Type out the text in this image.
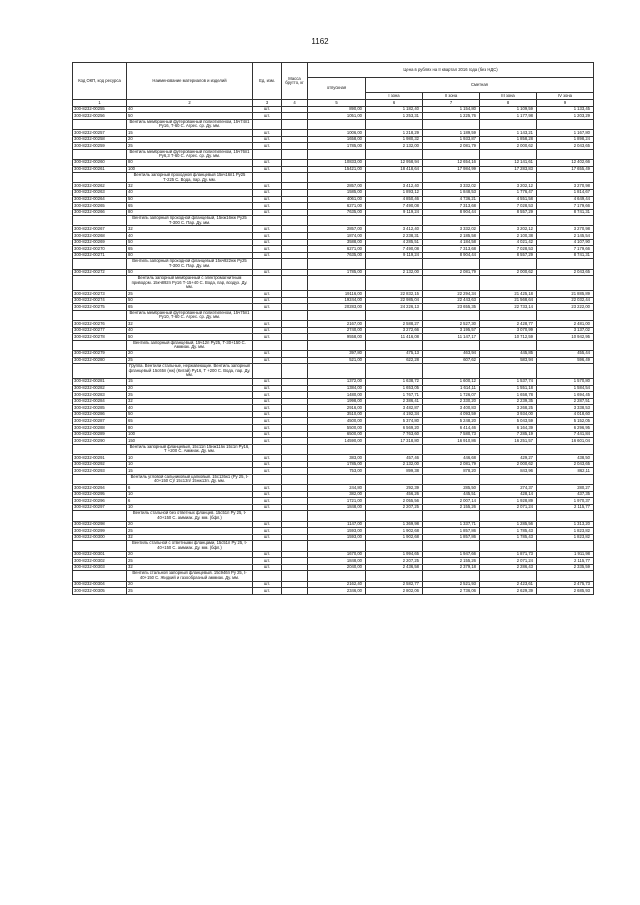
1162
Код ОКП, код ресурса	Наименование материалов и изделий	Ед. изм.	Масса брутто, кг	Цена в рублях на II квартал 2016 года (без НДС)				
				отпускная	Сметная			
					I зона	II зона	III зона	IV зона
1	2	3	4	5	6	7	8	9
300-8232-00255	40	шт.		890,00	1 182,40	1 154,80	1 109,59	1 133,45
300-8232-00256	50	шт.		1051,00	1 253,31	1 225,76	1 177,98	1 203,29
	Вентиль мембранный футерованный полиэтиленом, 15ч74п1 Ру16, Т-60 С. Агрес. ср. Ду. мм.							
300-8232-00257	15	шт.		1006,00	1 218,29	1 189,59	1 143,21	1 167,80
300-8232-00258	20	шт.		1658,00	1 980,32	1 933,87	1 858,28	1 898,24
300-8232-00259	25	шт.		1785,00	2 132,00	2 081,79	2 000,62	2 043,65
	Вентиль мембранный футерованный полиэтиленом, 15ч76п1 Ру6,3 Т-60 С. Агрес. ср. Ду. мм.							
300-8232-00260	80	шт.		10833,00	12 958,94	12 654,16	12 141,61	12 402,66
300-8232-00261	100	шт.		15421,00	18 418,64	17 984,99	17 283,83	17 655,49
	Вентиль запорный проходной фланцевый 15кч16п1 Ру25 Т-225 С. Вода, пар. Ду. мм.							
300-8232-00262	32	шт.		2857,00	3 412,40	3 332,02	3 202,12	3 270,98
300-8232-00263	40	шт.		1585,00	1 893,12	1 848,53	1 776,47	1 814,67
300-8232-00264	50	шт.		4061,00	4 850,46	4 736,21	4 551,58	4 649,44
300-8232-00265	65	шт.		6271,00	7 490,08	7 313,68	7 028,53	7 179,66
300-8232-00266	80	шт.		7635,00	9 119,24	8 904,44	8 557,29	8 741,31
	Вентиль запорный проходной фланцевый, 15нж16нж Ру25 Т-300 С. Пар. Ду. мм.							
300-8232-00267	32	шт.		2857,00	3 412,40	3 332,02	3 202,12	3 270,98
300-8232-00268	40	шт.		1874,00	2 238,31	2 185,58	2 100,38	2 145,54
300-8232-00269	50	шт.		3588,00	4 285,51	4 184,58	4 021,42	4 107,90
300-8232-00270	65	шт.		6271,00	7 490,08	7 313,68	7 028,53	7 179,66
300-8232-00271	80	шт.		7635,00	9 119,24	8 904,44	8 557,29	8 741,31
	Вентиль запорный проходной фланцевый 15кч922нж Ру25 Т-300 С. Пар. Ду. мм.							
300-8232-00272	50	шт.		1785,00	2 132,00	2 081,79	2 000,62	2 043,65
	Вентиль запорный мембранный с электромагнитным приводом. 15кч892п Ру16 Т-15+40 С. Вода, пар, воздух. Ду. мм.							
300-8232-00273	25	шт.		19116,00	22 832,15	22 294,34	21 425,18	21 885,89
300-8232-00274	50	шт.		19244,00	22 985,04	22 443,63	21 568,64	22 032,44
300-8232-00275	65	шт.		20283,00	24 226,13	23 655,35	22 733,14	23 222,00
	Вентиль мембранный футерованный полиэтиленом, 15ч75п1 Ру10, Т-60 С. Агрес. ср. Ду. мм.							
300-8232-00276	32	шт.		2167,00	2 588,27	2 527,30	2 428,77	2 481,00
300-8232-00277	40	шт.		2740,00	3 272,66	3 195,57	3 070,99	3 137,02
300-8232-00278	50	шт.		9558,00	11 416,08	11 147,17	10 712,59	10 942,95
	Вентиль запорный фланцевый, 15ч12п Ру25, Т-30+150 С. Аммиак. Ду. мм.							
300-8232-00279	20	шт.		397,80	475,13	463,94	445,85	455,44
300-8232-00280	25	шт.		521,00	622,28	607,62	583,94	596,49
	Группа. Вентили стальные, нержавеющие. Вентиль запорный фланцевый 15с65п (нж) (Китай) Ру16, Т +200 С. Вода, пар. Ду. мм.							
300-8232-00281	15	шт.		1372,00	1 638,72	1 600,12	1 537,74	1 570,80
300-8232-00282	20	шт.		1384,00	1 653,05	1 614,11	1 551,18	1 584,54
300-8232-00283	25	шт.		1480,00	1 767,71	1 726,07	1 658,78	1 694,45
300-8232-00284	32	шт.		1998,00	2 386,41	2 330,20	2 239,35	2 287,51
300-8232-00285	40	шт.		2916,00	3 482,87	3 400,83	3 268,25	3 338,53
300-8232-00286	50	шт.		3510,00	4 192,34	4 093,59	3 934,00	4 018,60
300-8232-00287	65	шт.		4500,00	5 374,80	5 248,20	5 043,59	5 152,05
300-8232-00288	80	шт.		5500,00	6 569,20	6 414,46	6 164,39	6 296,95
300-8232-00289	100	шт.		6500,00	7 763,60	7 580,73	7 285,19	7 441,84
300-8232-00290	150	шт.		14590,00	17 318,80	16 910,86	16 251,57	16 601,04
	Вентиль запорный фланцевый, 15с11п 15нж11бк 15с1п Ру16, Т +200 С. Аммиак. Ду. мм.							
300-8232-00291	10	шт.		383,00	457,46	446,68	429,27	438,50
300-8232-00292	10	шт.		1785,00	2 132,00	2 081,79	2 000,62	2 043,65
300-8232-00293	15	шт.		753,00	899,38	878,20	843,96	862,11
	Вентиль угловой сальниковый цапковый. 15с13бк1 (Ру 25, t-40+150 С)/ 15с13п/ 15нж13п. Ду. мм.							
300-8232-00294	6	шт.		244,80	292,39	285,50	274,37	280,27
300-8232-00295	10	шт.		382,00	456,26	445,51	428,14	437,35
300-8232-00296	6	шт.		1721,00	2 055,56	2 007,14	1 928,89	1 970,37
300-8232-00297	10	шт.		1848,00	2 207,25	2 155,26	2 071,24	2 115,77
	Вентиль стальной без ответных фланцев. 15с51п Ру 25, t-40+150 С. аммиак. Ду. мм. (бфл.)							
300-8232-00298	20	шт.		1147,00	1 369,98	1 337,71	1 285,56	1 313,20
300-8232-00299	25	шт.		1593,00	1 902,68	1 857,86	1 785,43	1 823,82
300-8232-00300	32	шт.		1593,00	1 902,68	1 857,86	1 785,43	1 823,82
	Вентиль стальной с ответными фланцами, 15с51п Ру 25, t-40+150 С. аммиак. Ду. мм. (бфл.)							
300-8232-00301	20	шт.		1670,00	1 994,65	1 947,66	1 871,73	1 911,98
300-8232-00302	25	шт.		1848,00	2 207,25	2 155,26	2 071,24	2 115,77
300-8232-00303	32	шт.		2040,00	2 436,58	2 379,18	2 286,43	2 335,59
	Вентиль стальной запорный фланцевый. 15с946п Ру 25, t-40+150 С. Жидкий и газообразный аммиак. Ду. мм.							
300-8232-00304	20	шт.		2162,40	2 582,77	2 521,93	2 423,61	2 475,73
300-8232-00305	25	шт.		2346,00	2 802,06	2 736,06	2 629,39	2 685,93
